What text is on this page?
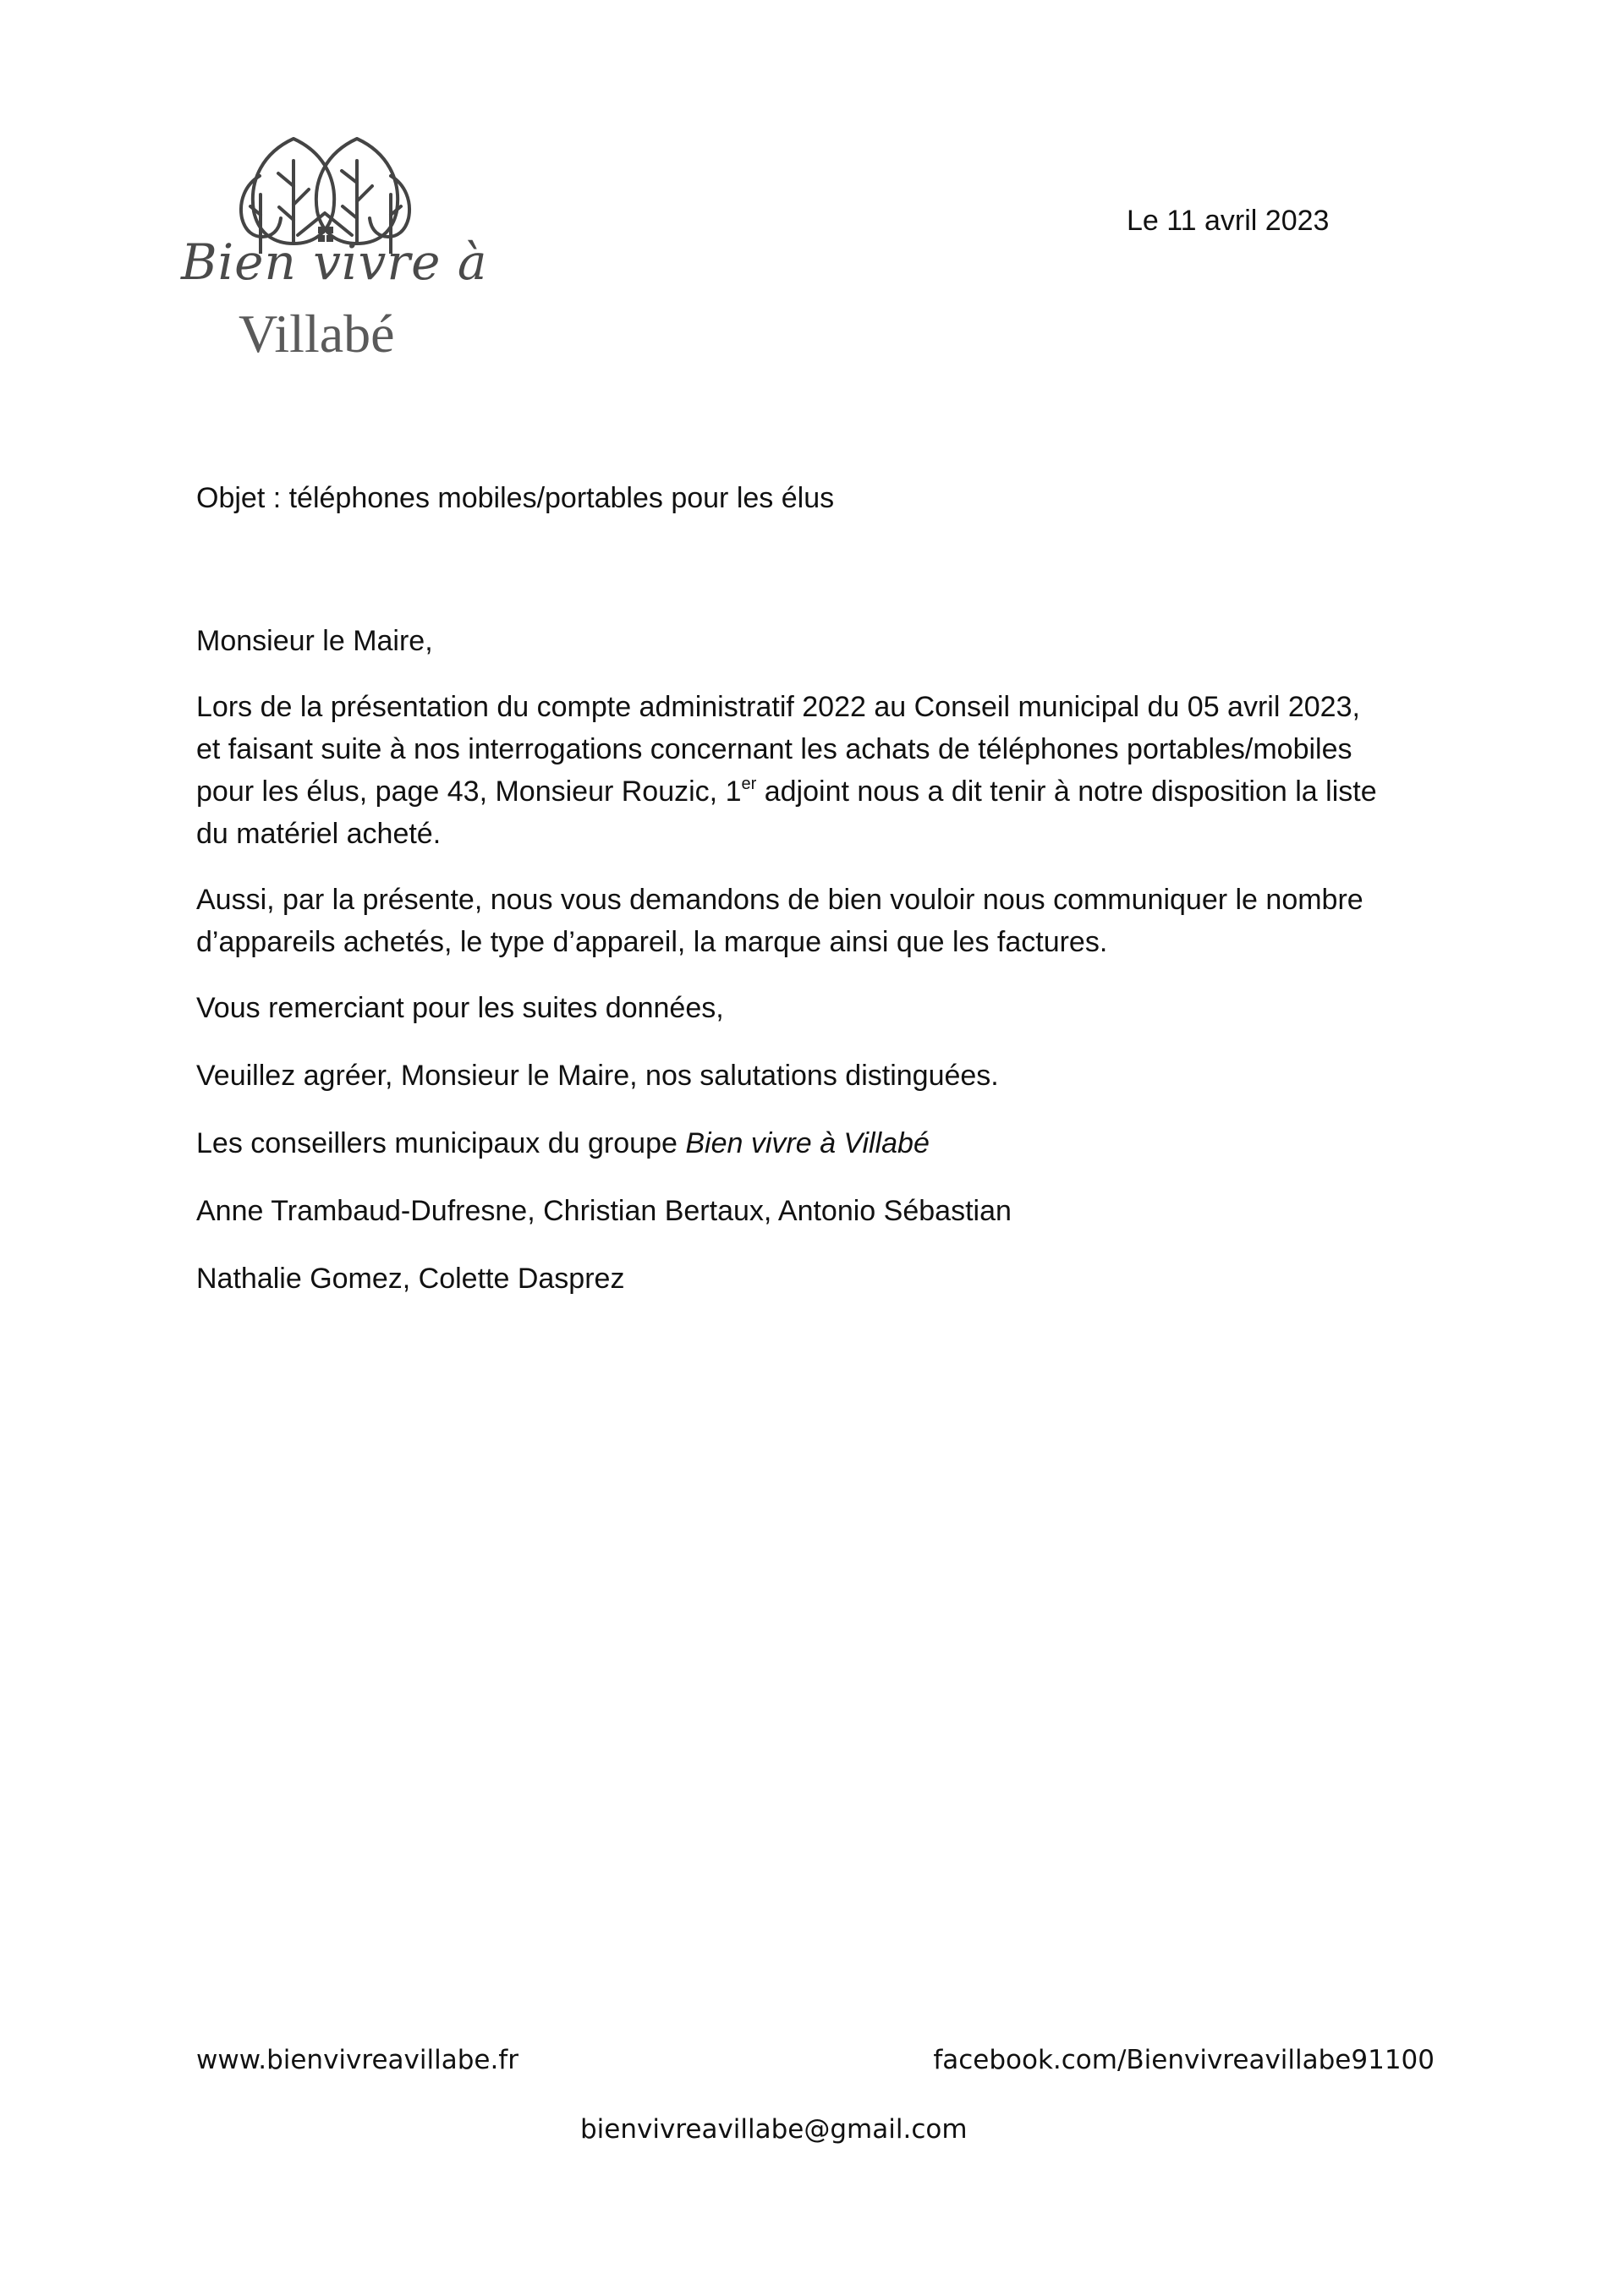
Bien vivre à
Villabé
Le 11 avril 2023
Objet : téléphones mobiles/portables pour les élus

Monsieur le Maire,

Lors de la présentation du compte administratif 2022 au Conseil municipal du 05 avril 2023,
et faisant suite à nos interrogations concernant les achats de téléphones portables/mobiles
pour les élus, page 43, Monsieur Rouzic, 1er adjoint nous a dit tenir à notre disposition la liste
du matériel acheté.

Aussi, par la présente, nous vous demandons de bien vouloir nous communiquer le nombre
d’appareils achetés, le type d’appareil, la marque ainsi que les factures.

Vous remerciant pour les suites données,

Veuillez agréer, Monsieur le Maire, nos salutations distinguées.

Les conseillers municipaux du groupe Bien vivre à Villabé

Anne Trambaud-Dufresne, Christian Bertaux, Antonio Sébastian

Nathalie Gomez, Colette Dasprez

www.bienvivreavillabe.fr	facebook.com/Bienvivreavillabe91100
bienvivreavillabe@gmail.com
